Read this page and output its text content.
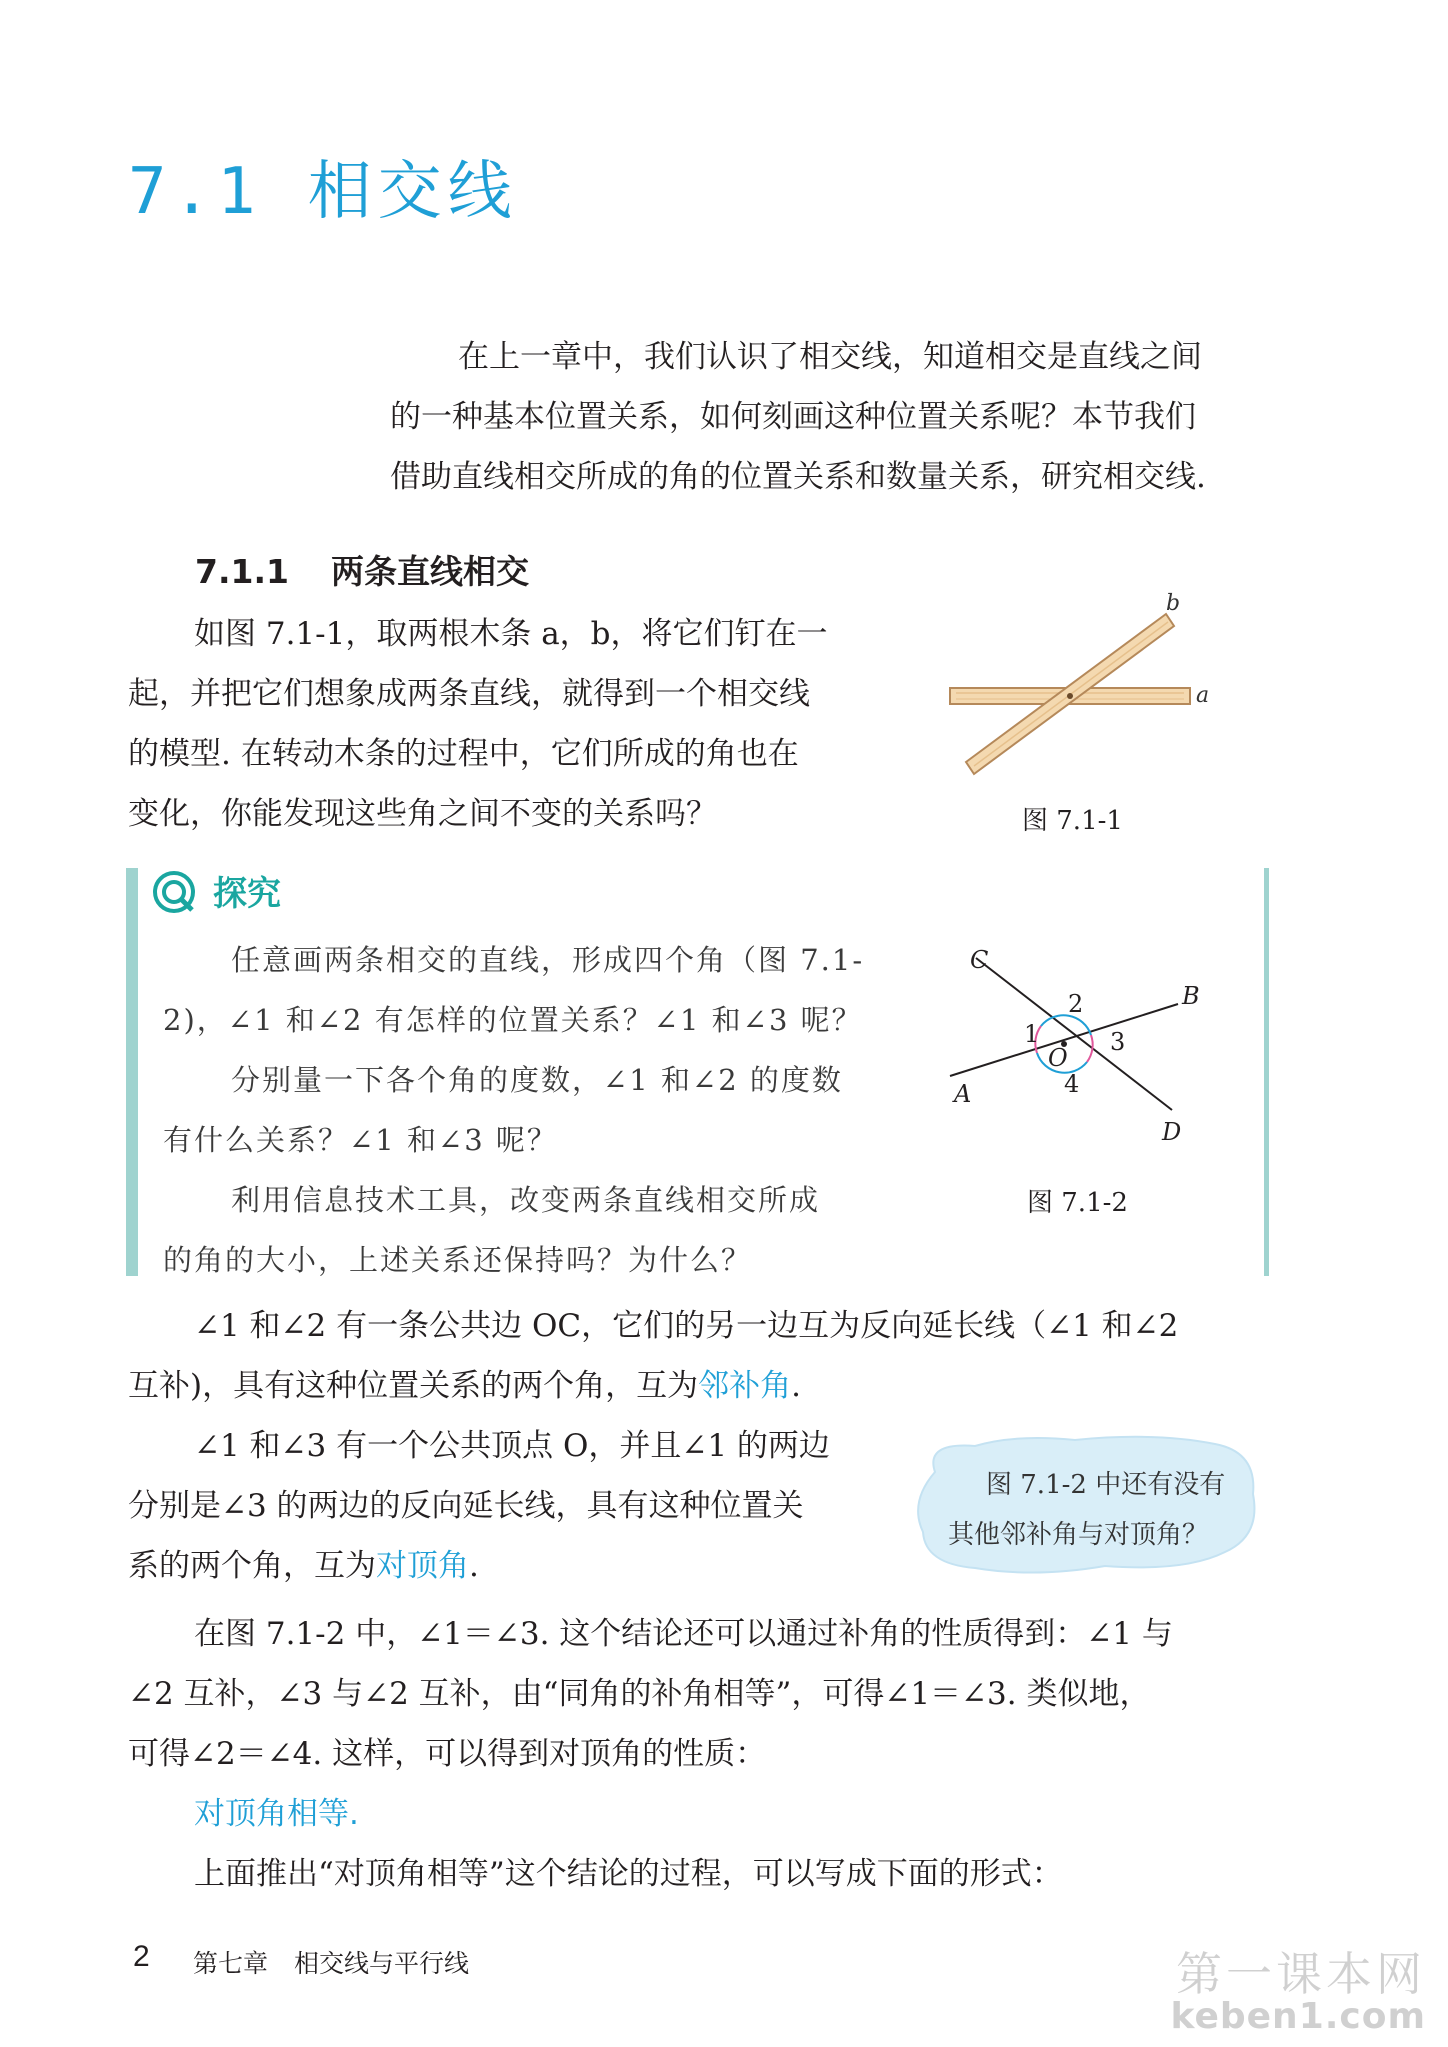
7.1 相交线

在上一章中，我们认识了相交线，知道相交是直线之间

的一种基本位置关系，如何刻画这种位置关系呢？本节我们

借助直线相交所成的角的位置关系和数量关系，研究相交线.

7.1.1 两条直线相交
如图 7.1-1，取两根木条 a，b，将它们钉在一
起，并把它们想象成两条直线，就得到一个相交线
的模型. 在转动木条的过程中，它们所成的角也在
变化，你能发现这些角之间不变的关系吗？
a
b
图 7.1-1
探究
任意画两条相交的直线，形成四个角（图 7.1-
2)，∠1 和∠2 有怎样的位置关系？∠1 和∠3 呢？
分别量一下各个角的度数，∠1 和∠2 的度数
有什么关系？∠1 和∠3 呢？
利用信息技术工具，改变两条直线相交所成
的角的大小，上述关系还保持吗？为什么？
C
B
A
D
O
1
2
3
4
图 7.1-2
∠1 和∠2 有一条公共边 OC，它们的另一边互为反向延长线（∠1 和∠2
互补)，具有这种位置关系的两个角，互为邻补角.
∠1 和∠3 有一个公共顶点 O，并且∠1 的两边
分别是∠3 的两边的反向延长线，具有这种位置关
系的两个角，互为对顶角.
图 7.1-2 中还有没有
其他邻补角与对顶角？
在图 7.1-2 中，∠1＝∠3. 这个结论还可以通过补角的性质得到：∠1 与
∠2 互补，∠3 与∠2 互补，由“同角的补角相等”，可得∠1＝∠3. 类似地，
可得∠2＝∠4. 这样，可以得到对顶角的性质：
对顶角相等.
上面推出“对顶角相等”这个结论的过程，可以写成下面的形式：
2 第七章 相交线与平行线	第一课本网
keben1.com
